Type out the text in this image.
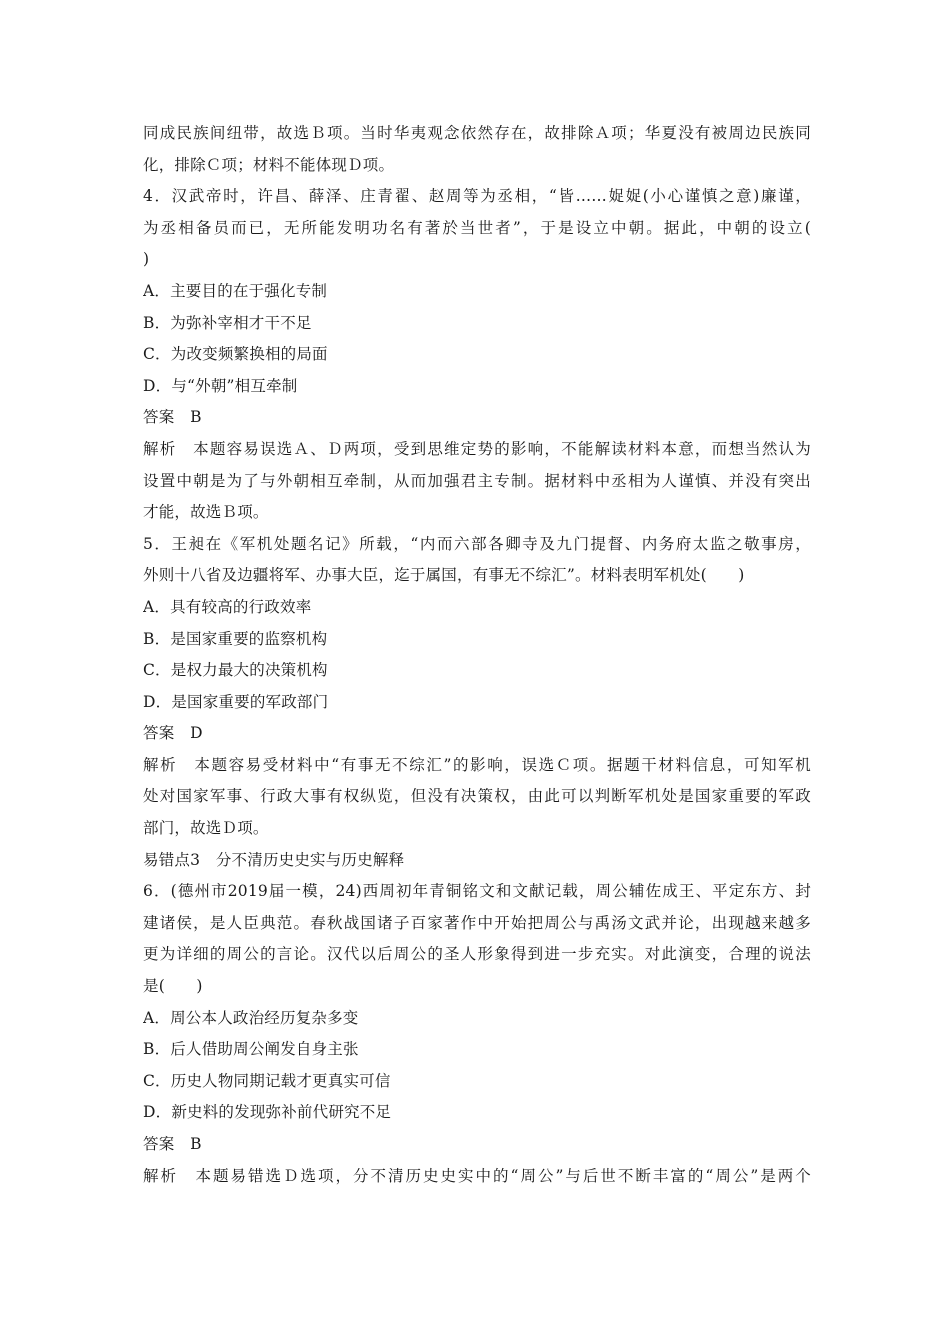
同成民族间纽带，故选Ｂ项。当时华夷观念依然存在，故排除Ａ项；华夏没有被周边民族同
化，排除Ｃ项；材料不能体现Ｄ项。
4．汉武帝时，许昌、薛泽、庄青翟、赵周等为丞相，“皆……娖娖(小心谨慎之意)廉谨，
为丞相备员而已，无所能发明功名有著於当世者”，于是设立中朝。据此，中朝的设立(
)
A．主要目的在于强化专制
B．为弥补宰相才干不足
C．为改变频繁换相的局面
D．与“外朝”相互牵制
答案　B
解析　本题容易误选Ａ、Ｄ两项，受到思维定势的影响，不能解读材料本意，而想当然认为
设置中朝是为了与外朝相互牵制，从而加强君主专制。据材料中丞相为人谨慎、并没有突出
才能，故选Ｂ项。
5．王昶在《军机处题名记》所载，“内而六部各卿寺及九门提督、内务府太监之敬事房，
外则十八省及边疆将军、办事大臣，迄于属国，有事无不综汇”。材料表明军机处(　　)
A．具有较高的行政效率
B．是国家重要的监察机构
C．是权力最大的决策机构
D．是国家重要的军政部门
答案　D
解析　本题容易受材料中“有事无不综汇”的影响，误选Ｃ项。据题干材料信息，可知军机
处对国家军事、行政大事有权纵览，但没有决策权，由此可以判断军机处是国家重要的军政
部门，故选Ｄ项。
易错点3　分不清历史史实与历史解释
6．(德州市2019届一模，24)西周初年青铜铭文和文献记载，周公辅佐成王、平定东方、封
建诸侯，是人臣典范。春秋战国诸子百家著作中开始把周公与禹汤文武并论，出现越来越多
更为详细的周公的言论。汉代以后周公的圣人形象得到进一步充实。对此演变，合理的说法
是(　　)
A．周公本人政治经历复杂多变
B．后人借助周公阐发自身主张
C．历史人物同期记载才更真实可信
D．新史料的发现弥补前代研究不足
答案　B
解析　本题易错选Ｄ选项，分不清历史史实中的“周公”与后世不断丰富的“周公”是两个
